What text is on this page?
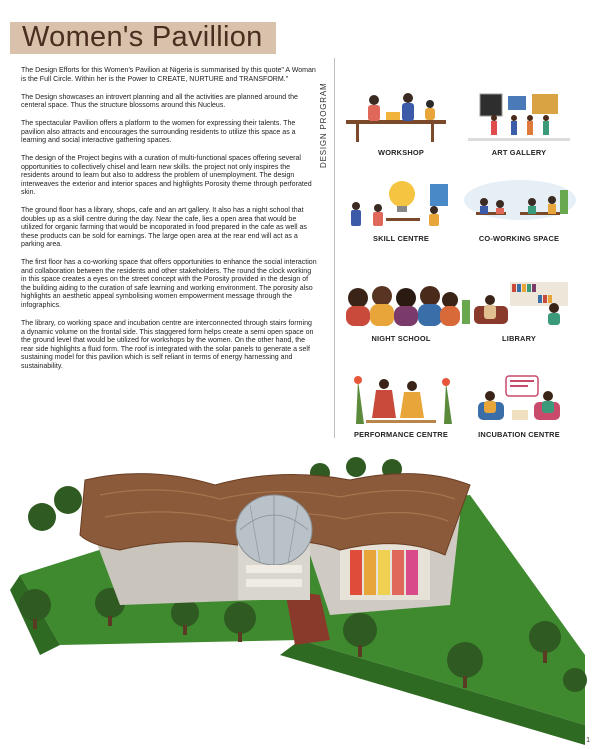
Women's Pavillion

The Design Efforts for this Women's Pavilion at Nigeria is summarised by this quote" A Woman is the Full Circle. Within her is the Power to CREATE, NURTURE and TRANSFORM."

The Design showcases an introvert planning and all the activities are planned around the centeral space. Thus the structure blossoms around this Nucleus.

The spectacular Pavilion offers a platform to the women for expressing their talents. The pavilion also attracts and encourages the surrounding residents to utilize this space as a learning and social interactive gathering spaces.

The design of the Project begins with a curation of multi-functional spaces offering several opportunities to collectively chisel and learn new skills. the project not only inspires the residents around to learn but also to address the problem of unemployment. The design interweaves the exterior and interior spaces and highlights Porosity theme through perforated skin.

The ground floor has a library, shops, cafe and an art gallery. It also has a night school that doubles up as a skill centre during the day. Near the cafe, lies a open area that would be utilized for organic farming that would be incoporated in food prepared in the cafe as well as these products can be sold for earnings. The large open area at the rear end will act as a parking area.

The first floor has a co-working space that offers opportunities to enhance the social interaction and collaboration between the residents and other stakeholders. The round the clock working in this space creates a eyes on the street concept with the Porosity provided in the design of the building aiding to the curation of safe learning and working environment. The porosity also highlights an aesthetic appeal symbolising women empowerment message through the infographics.

The library, co working space and incubation centre are interconnected through stairs forming a dynamic volume on the frontal side. This staggered form helps create a semi open space on the ground level that would be utilized for workshops by the women. On the other hand, the rear side highlights a fluid form. The roof is integrated with the solar panels to generate a self sustaining model for this pavilion which is self reliant in terms of energy harnessing and sustainability.

DESIGN PROGRAM	WORKSHOP	ART GALLERY
SKILL CENTRE	CO-WORKING SPACE
NIGHT SCHOOL	LIBRARY
PERFORMANCE CENTRE	INCUBATION CENTRE
1
